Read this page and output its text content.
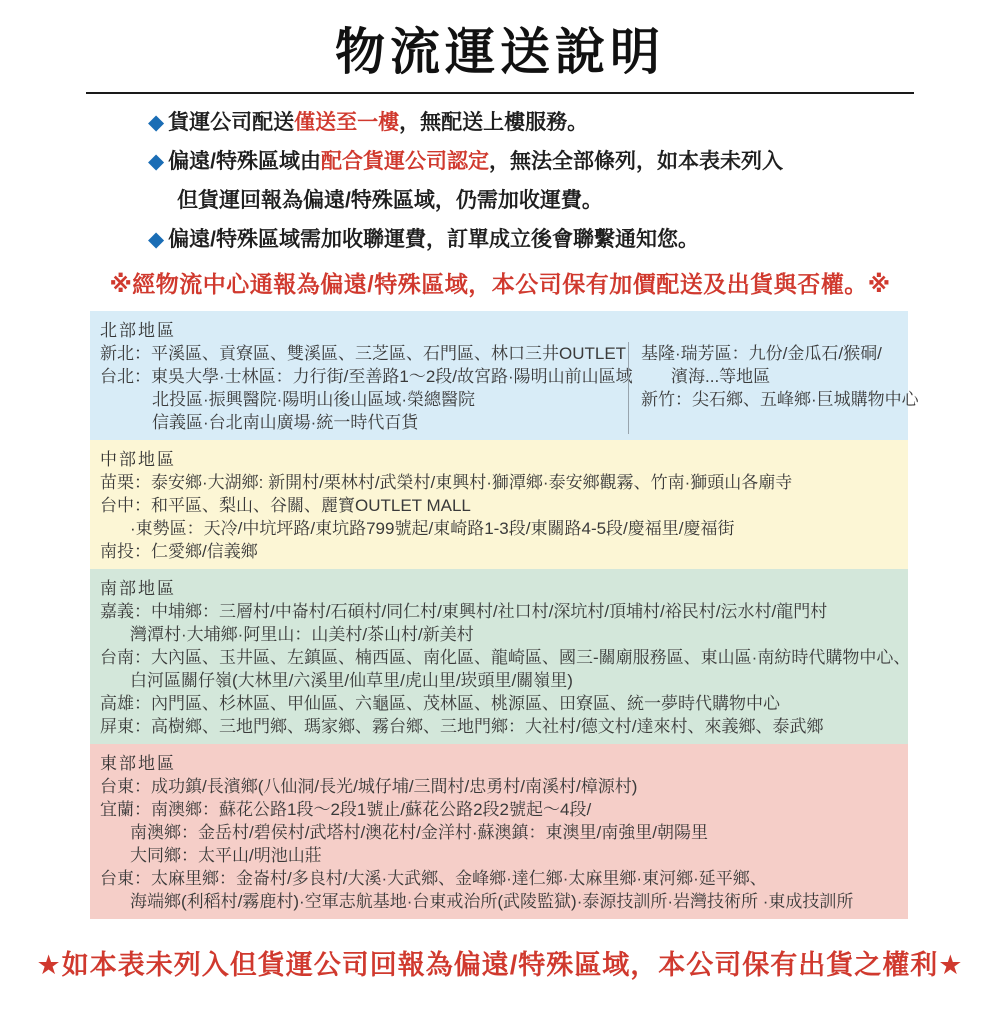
物流運送說明
◆ 貨運公司配送僅送至一樓，無配送上樓服務。
◆ 偏遠/特殊區域由配合貨運公司認定，無法全部條列，如本表未列入
但貨運回報為偏遠/特殊區域，仍需加收運費。
◆ 偏遠/特殊區域需加收聯運費，訂單成立後會聯繫通知您。
※經物流中心通報為偏遠/特殊區域，本公司保有加價配送及出貨與否權。※
北部地區
新北：平溪區、貢寮區、雙溪區、三芝區、石門區、林口三井OUTLET
台北：東吳大學·士林區：力行街/至善路1～2段/故宮路·陽明山前山區域
北投區·振興醫院·陽明山後山區域·榮總醫院
信義區·台北南山廣場·統一時代百貨
基隆·瑞芳區：九份/金瓜石/猴硐/
濱海...等地區
新竹：尖石鄉、五峰鄉·巨城購物中心
中部地區
苗栗：泰安鄉·大湖鄉: 新開村/栗林村/武榮村/東興村·獅潭鄉·泰安鄉觀霧、竹南·獅頭山各廟寺
台中：和平區、梨山、谷關、麗寶OUTLET MALL
·東勢區：天冷/中坑坪路/東坑路799號起/東崎路1-3段/東關路4-5段/慶福里/慶福街
南投：仁愛鄉/信義鄉
南部地區
嘉義：中埔鄉：三層村/中崙村/石碩村/同仁村/東興村/社口村/深坑村/頂埔村/裕民村/沄水村/龍門村
灣潭村·大埔鄉·阿里山：山美村/茶山村/新美村
台南：大內區、玉井區、左鎮區、楠西區、南化區、龍崎區、國三-關廟服務區、東山區·南紡時代購物中心、
白河區關仔嶺(大林里/六溪里/仙草里/虎山里/崁頭里/關嶺里)
高雄：內門區、杉林區、甲仙區、六龜區、茂林區、桃源區、田寮區、統一夢時代購物中心
屏東：高樹鄉、三地門鄉、瑪家鄉、霧台鄉、三地門鄉：大社村/德文村/達來村、來義鄉、泰武鄉
東部地區
台東：成功鎮/長濱鄉(八仙洞/長光/城仔埔/三間村/忠勇村/南溪村/樟源村)
宜蘭：南澳鄉：蘇花公路1段～2段1號止/蘇花公路2段2號起～4段/
南澳鄉：金岳村/碧侯村/武塔村/澳花村/金洋村·蘇澳鎮：東澳里/南強里/朝陽里
大同鄉：太平山/明池山莊
台東：太麻里鄉：金崙村/多良村/大溪·大武鄉、金峰鄉·達仁鄉·太麻里鄉·東河鄉·延平鄉、
海端鄉(利稻村/霧鹿村)·空軍志航基地·台東戒治所(武陵監獄)·泰源技訓所·岩灣技術所 ·東成技訓所
★如本表未列入但貨運公司回報為偏遠/特殊區域，本公司保有出貨之權利★
